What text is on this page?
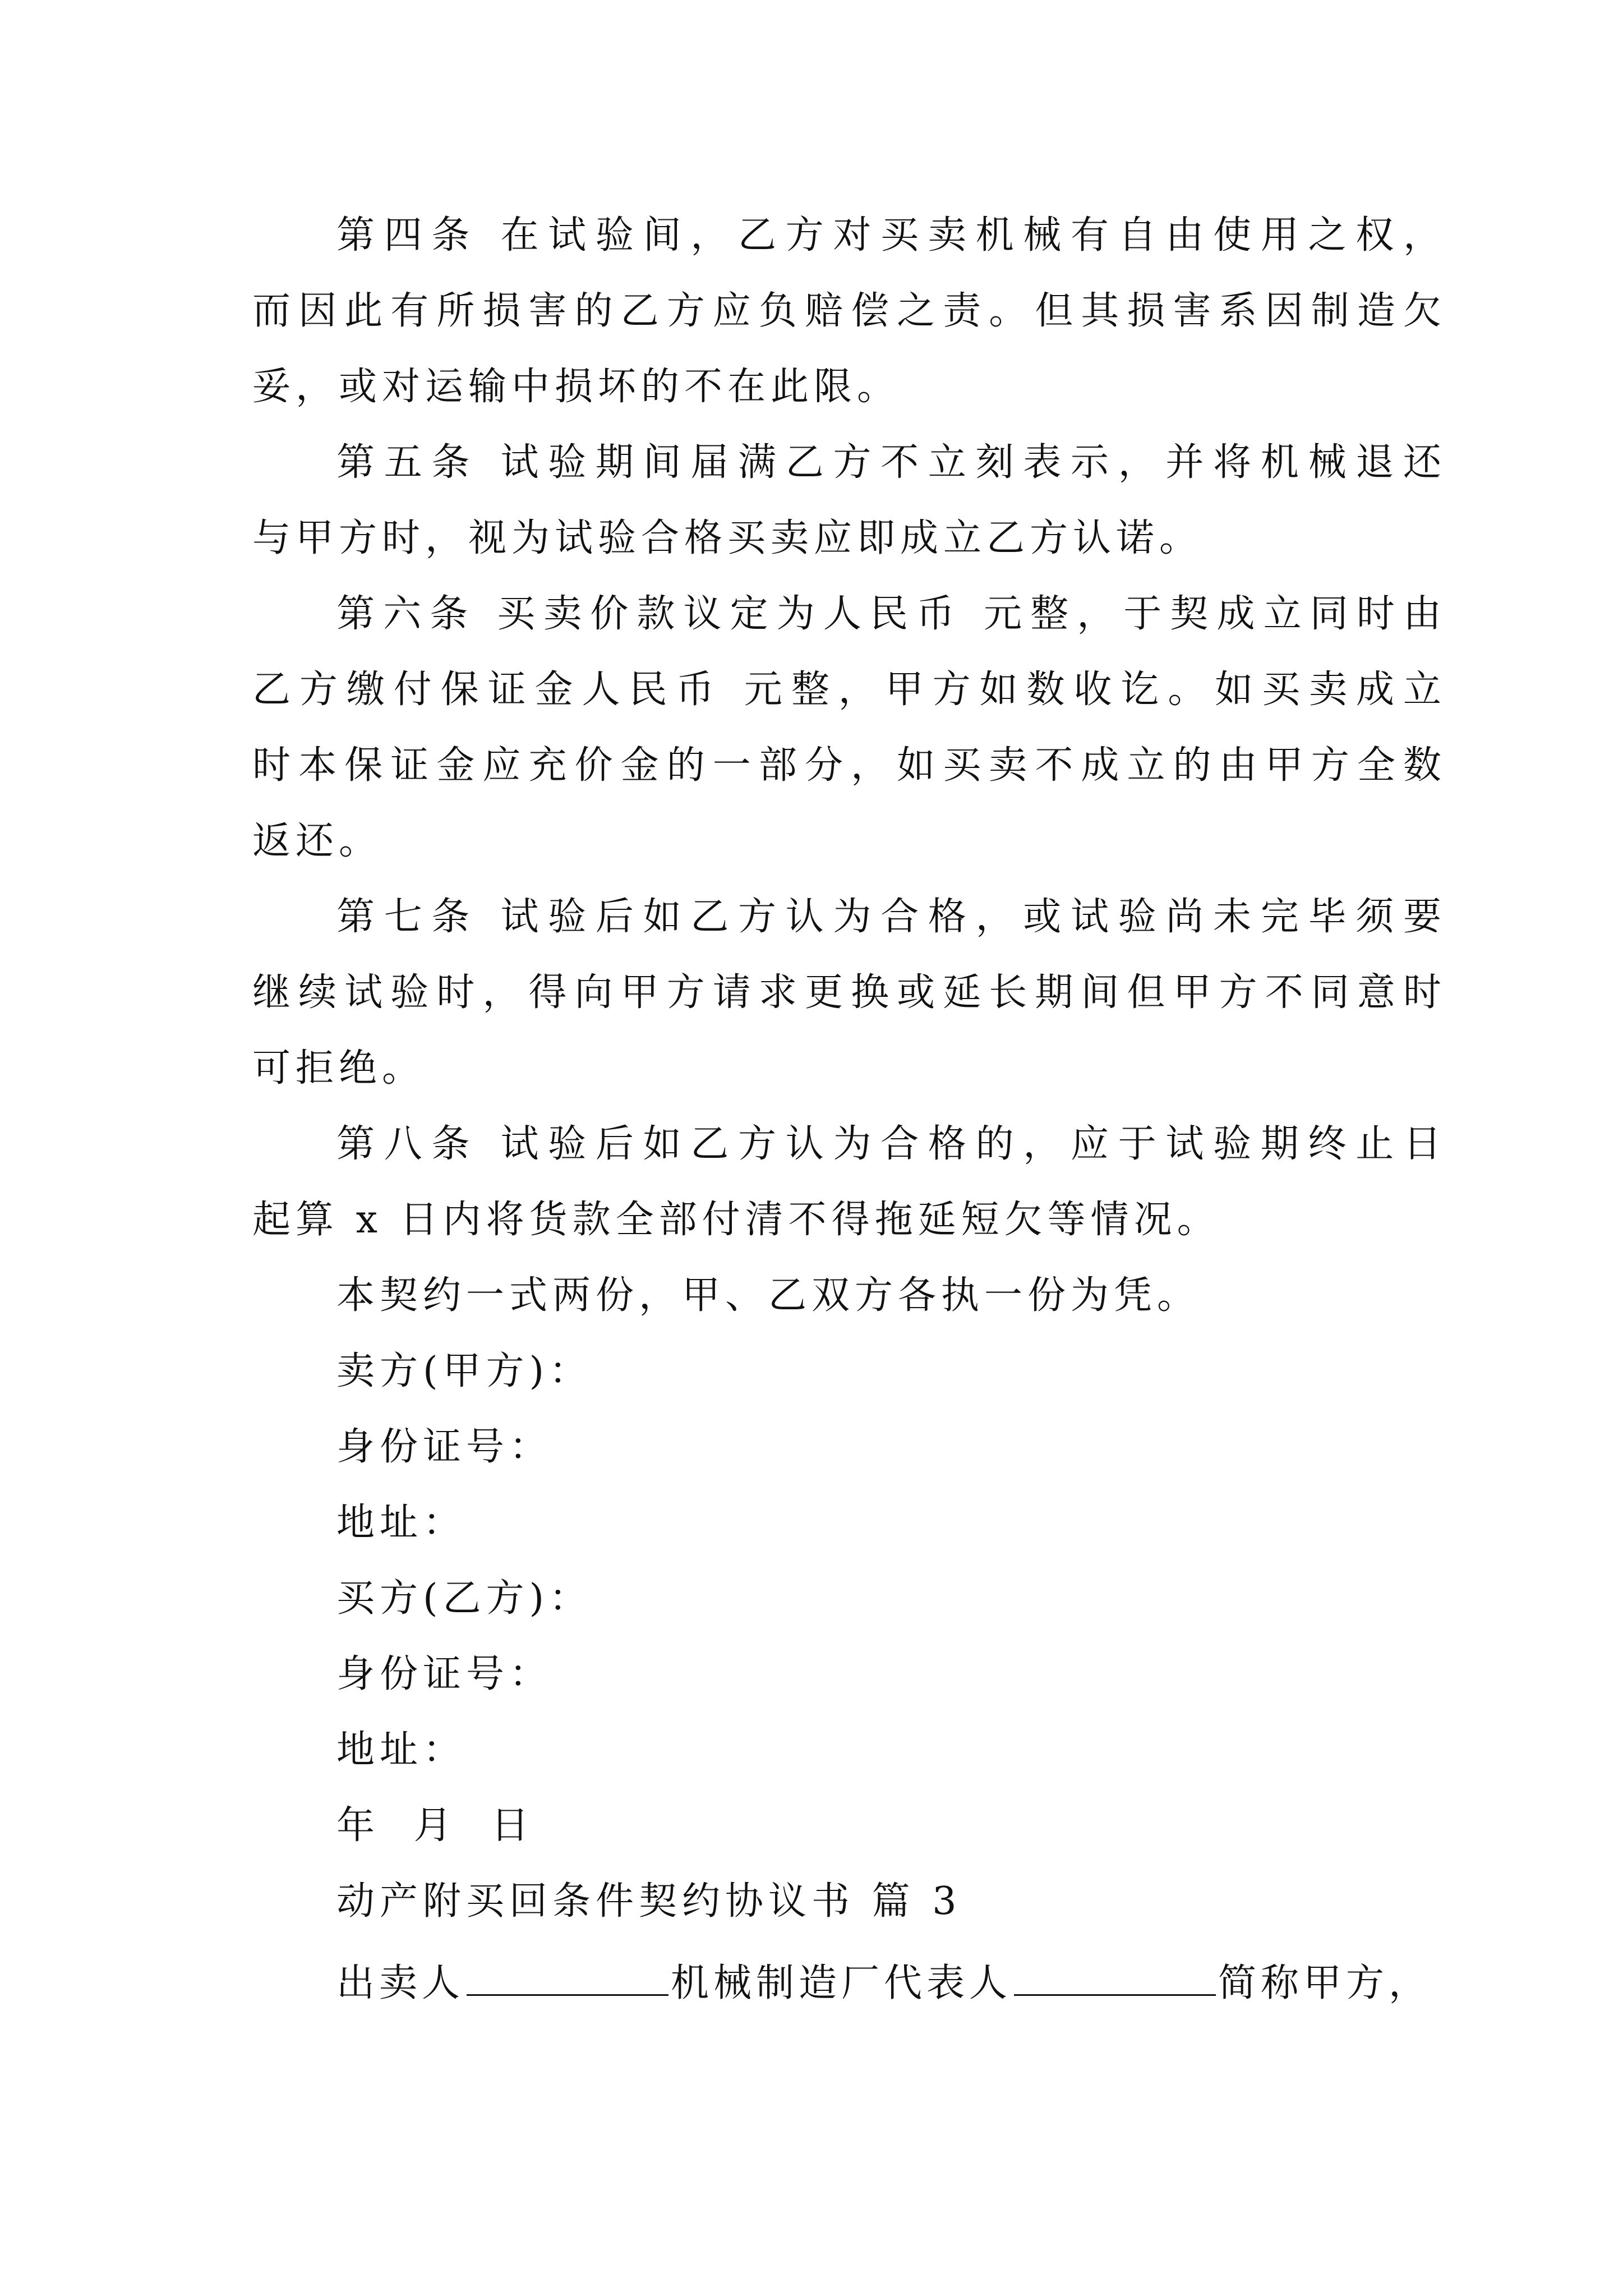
第四条 在试验间，乙方对买卖机械有自由使用之权，
而因此有所损害的乙方应负赔偿之责。但其损害系因制造欠
妥，或对运输中损坏的不在此限。
第五条 试验期间届满乙方不立刻表示，并将机械退还
与甲方时，视为试验合格买卖应即成立乙方认诺。
第六条 买卖价款议定为人民币 元整，于契成立同时由
乙方缴付保证金人民币 元整，甲方如数收讫。如买卖成立
时本保证金应充价金的一部分，如买卖不成立的由甲方全数
返还。
第七条 试验后如乙方认为合格，或试验尚未完毕须要
继续试验时，得向甲方请求更换或延长期间但甲方不同意时
可拒绝。
第八条 试验后如乙方认为合格的，应于试验期终止日
起算 x 日内将货款全部付清不得拖延短欠等情况。
本契约一式两份，甲、乙双方各执一份为凭。
卖方(甲方)：
身份证号：
地址：
买方(乙方)：
身份证号：
地址：
年 月 日
动产附买回条件契约协议书 篇 3
出卖人	机械制造厂代表人	简称甲方，
